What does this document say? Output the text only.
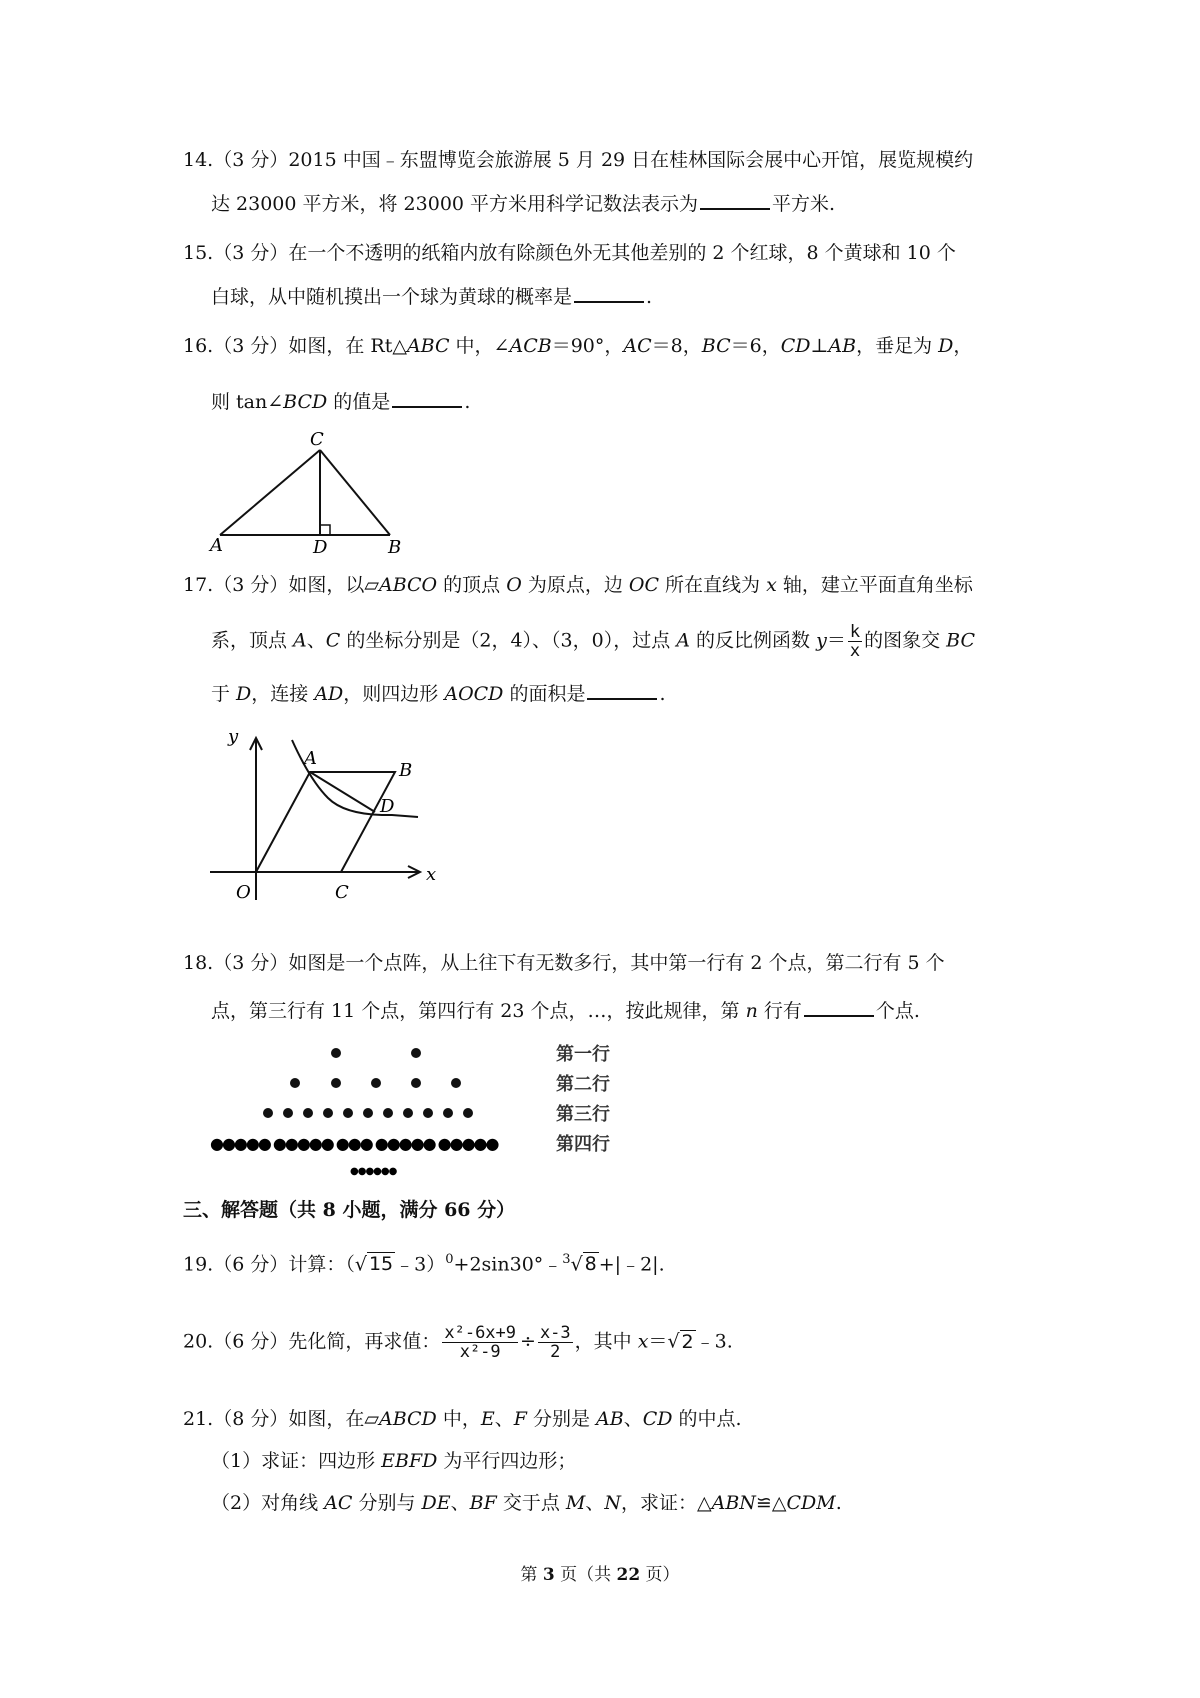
14.（3 分）2015 中国﹣东盟博览会旅游展 5 月 29 日在桂林国际会展中心开馆，展览规模约
达 23000 平方米，将 23000 平方米用科学记数法表示为	平方米.
15.（3 分）在一个不透明的纸箱内放有除颜色外无其他差别的 2 个红球，8 个黄球和 10 个
白球，从中随机摸出一个球为黄球的概率是	.
16.（3 分）如图，在 Rt△ABC 中，∠ACB＝90°，AC＝8，BC＝6，CD⊥AB，垂足为 D，
则 tan∠BCD 的值是	.
C
A	D	B
17.（3 分）如图，以▱ABCO 的顶点 O 为原点，边 OC 所在直线为 x 轴，建立平面直角坐标
系，顶点 A、C 的坐标分别是（2，4）、（3，0），过点 A 的反比例函数 $y= \frac{k}{x}$ 的图象交 BC
于 D，连接 AD，则四边形 AOCD 的面积是	.
y
x
O
A
B
C
D
18.（3 分）如图是一个点阵，从上往下有无数多行，其中第一行有 2 个点，第二行有 5 个
点，第三行有 11 个点，第四行有 23 个点，…，按此规律，第 n 行有	个点.
●●●●● ●●●●● ●●● ●●●●● ●●●●●
●●●●●●
第一行
第二行
第三行
第四行
三、解答题（共 8 小题，满分 66 分）
19.（6 分）计算：（√ 15 ﹣3）$^0$+2sin30°﹣$^3$√ 8 +|﹣2|.
20.（6 分）先化简，再求值： $\frac{\text{x²-6x+9}}{\text{x²-9}} \div \frac{x-3}{2}$ ，其中 x＝√ 2 ﹣3.
21.（8 分）如图，在▱ABCD 中，E、F 分别是 AB、CD 的中点.
（1）求证：四边形 EBFD 为平行四边形；
（2）对角线 AC 分别与 DE、BF 交于点 M、N，求证：△ABN≌△CDM.
第 3 页（共 22 页）
